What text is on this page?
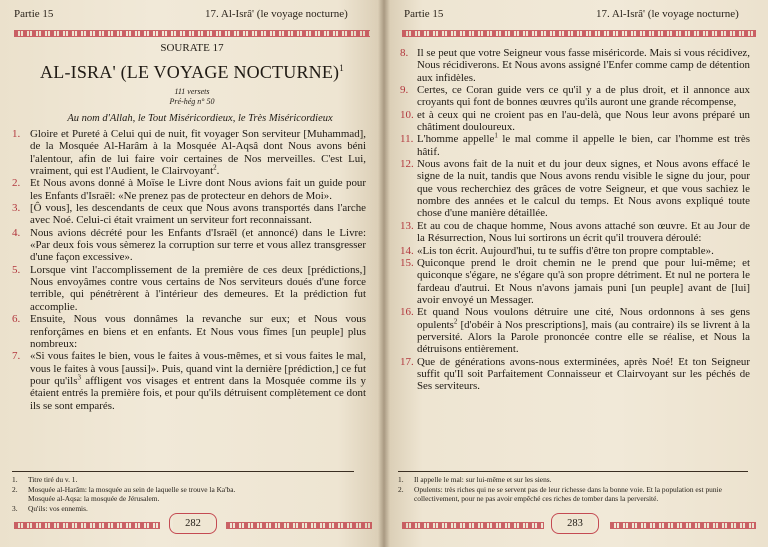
Partie 15	17. Al-Isrâ' (le voyage nocturne)
SOURATE 17
AL-ISRA' (LE VOYAGE NOCTURNE)$^1$
111 versets
Pré-hég n° 50
Au nom d'Allah, le Tout Miséricordieux, le Très Miséricordieux
1. Gloire et Pureté à Celui qui de nuit, fit voyager Son serviteur [Muhammad], de la Mosquée Al-Harâm à la Mosquée Al-Aqsâ dont Nous avons béni l'alentour, afin de lui faire voir certaines de Nos merveilles. C'est Lui, vraiment, qui est l'Audient, le Clairvoyant$^2$.
2. Et Nous avons donné à Moïse le Livre dont Nous avions fait un guide pour les Enfants d'Israël: «Ne prenez pas de protecteur en dehors de Moi».
3. [Ô vous], les descendants de ceux que Nous avons transportés dans l'arche avec Noé. Celui-ci était vraiment un serviteur fort reconnaissant.
4. Nous avions décrété pour les Enfants d'Israël (et annoncé) dans le Livre: «Par deux fois vous sèmerez la corruption sur terre et vous allez transgresser d'une façon excessive».
5. Lorsque vint l'accomplissement de la première de ces deux [prédictions,] Nous envoyâmes contre vous certains de Nos serviteurs doués d'une force terrible, qui pénétrèrent à l'intérieur des demeures. Et la prédiction fut accomplie.
6. Ensuite, Nous vous donnâmes la revanche sur eux; et Nous vous renforçâmes en biens et en enfants. Et Nous vous fîmes [un peuple] plus nombreux:
7. «Si vous faites le bien, vous le faites à vous-mêmes, et si vous faites le mal, vous le faites à vous [aussi]». Puis, quand vint la dernière [prédiction,] ce fut pour qu'ils$^3$ affligent vos visages et entrent dans la Mosquée comme ils y étaient entrés la première fois, et pour qu'ils détruisent complètement ce dont ils se sont emparés.
1. Titre tiré du v. 1.
2. Mosquée al-Harâm: la mosquée au sein de laquelle se trouve la Ka'ba.
Mosquée al-Aqsa: la mosquée de Jérusalem.
3. Qu'ils: vos ennemis.
282
Partie 15	17. Al-Isrâ' (le voyage nocturne)
8. Il se peut que votre Seigneur vous fasse miséricorde. Mais si vous récidivez, Nous récidiverons. Et Nous avons assigné l'Enfer comme camp de détention aux infidèles.
9. Certes, ce Coran guide vers ce qu'il y a de plus droit, et il annonce aux croyants qui font de bonnes œuvres qu'ils auront une grande récompense,
10. et à ceux qui ne croient pas en l'au-delà, que Nous leur avons préparé un châtiment douloureux.
11. L'homme appelle$^1$ le mal comme il appelle le bien, car l'homme est très hâtif.
12. Nous avons fait de la nuit et du jour deux signes, et Nous avons effacé le signe de la nuit, tandis que Nous avons rendu visible le signe du jour, pour que vous recherchiez des grâces de votre Seigneur, et que vous sachiez le nombre des années et le calcul du temps. Et Nous avons expliqué toute chose d'une manière détaillée.
13. Et au cou de chaque homme, Nous avons attaché son œuvre. Et au Jour de la Résurrection, Nous lui sortirons un écrit qu'il trouvera déroulé:
14. «Lis ton écrit. Aujourd'hui, tu te suffis d'être ton propre comptable».
15. Quiconque prend le droit chemin ne le prend que pour lui-même; et quiconque s'égare, ne s'égare qu'à son propre détriment. Et nul ne portera le fardeau d'autrui. Et Nous n'avons jamais puni [un peuple] avant de [lui] avoir envoyé un Messager.
16. Et quand Nous voulons détruire une cité, Nous ordonnons à ses gens opulents$^2$ [d'obéir à Nos prescriptions], mais (au contraire) ils se livrent à la perversité. Alors la Parole prononcée contre elle se réalise, et Nous la détruisons entièrement.
17. Que de générations avons-nous exterminées, après Noé! Et ton Seigneur suffit qu'Il soit Parfaitement Connaisseur et Clairvoyant sur les péchés de Ses serviteurs.
1. Il appelle le mal: sur lui-même et sur les siens.
2. Opulents: très riches qui ne se servent pas de leur richesse dans la bonne voie. Et la population est punie collectivement, pour ne pas avoir empêché ces riches de tomber dans la perversité.
283
